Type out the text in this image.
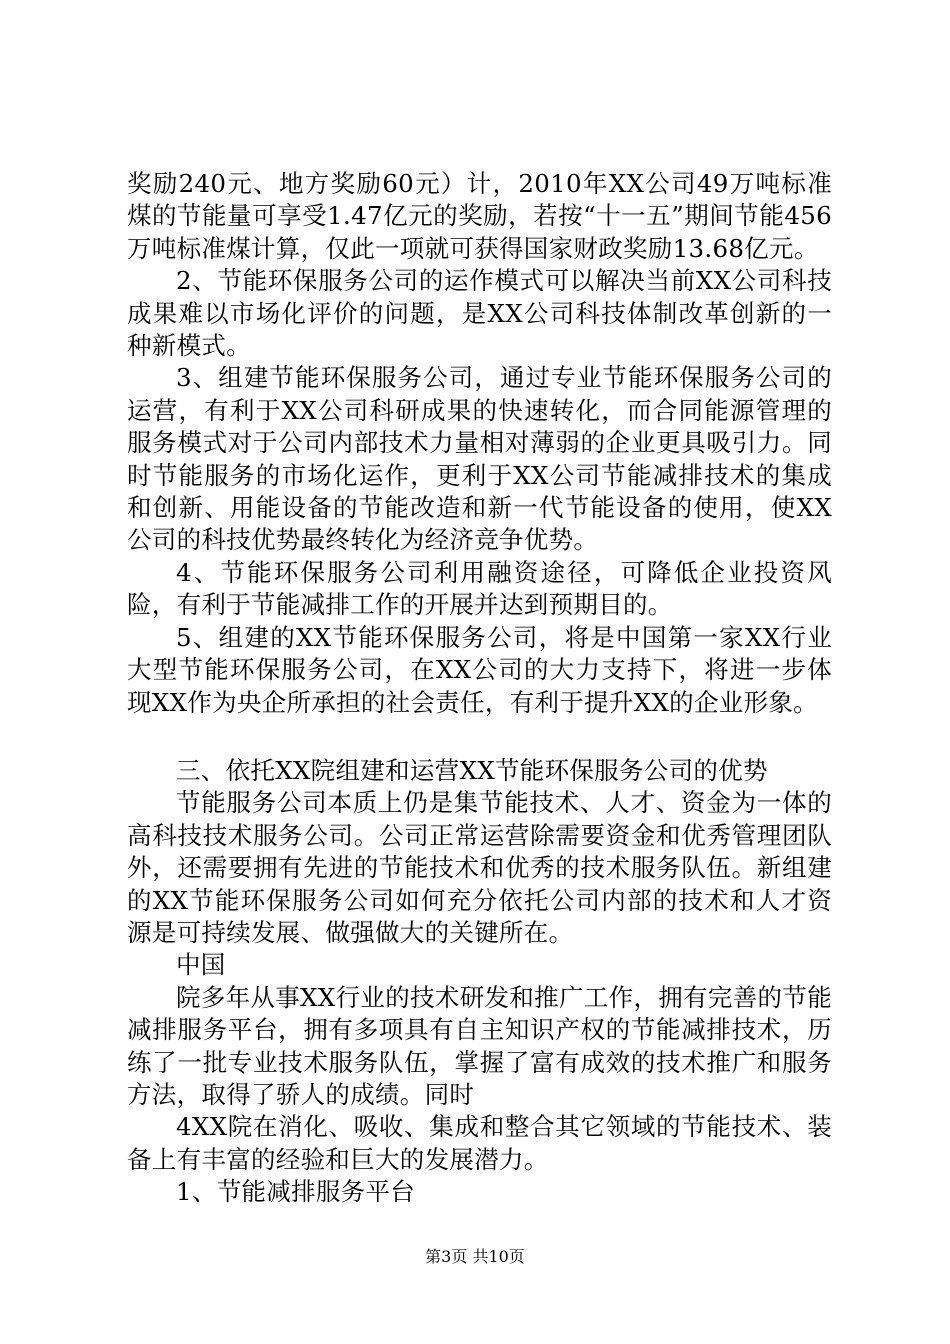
奖励240元、地方奖励60元）计，2010年XX公司49万吨标准煤的节能量可享受1.47亿元的奖励，若按“十一五”期间节能456万吨标准煤计算，仅此一项就可获得国家财政奖励13.68亿元。

2、节能环保服务公司的运作模式可以解决当前XX公司科技成果难以市场化评价的问题，是XX公司科技体制改革创新的一种新模式。

3、组建节能环保服务公司，通过专业节能环保服务公司的运营，有利于XX公司科研成果的快速转化，而合同能源管理的服务模式对于公司内部技术力量相对薄弱的企业更具吸引力。同时节能服务的市场化运作，更利于XX公司节能减排技术的集成和创新、用能设备的节能改造和新一代节能设备的使用，使XX公司的科技优势最终转化为经济竞争优势。

4、节能环保服务公司利用融资途径，可降低企业投资风险，有利于节能减排工作的开展并达到预期目的。

5、组建的XX节能环保服务公司，将是中国第一家XX行业大型节能环保服务公司，在XX公司的大力支持下，将进一步体现XX作为央企所承担的社会责任，有利于提升XX的企业形象。

三、依托XX院组建和运营XX节能环保服务公司的优势

节能服务公司本质上仍是集节能技术、人才、资金为一体的高科技技术服务公司。公司正常运营除需要资金和优秀管理团队外，还需要拥有先进的节能技术和优秀的技术服务队伍。新组建的XX节能环保服务公司如何充分依托公司内部的技术和人才资源是可持续发展、做强做大的关键所在。

中国

院多年从事XX行业的技术研发和推广工作，拥有完善的节能减排服务平台，拥有多项具有自主知识产权的节能减排技术，历练了一批专业技术服务队伍，掌握了富有成效的技术推广和服务方法，取得了骄人的成绩。同时

4XX院在消化、吸收、集成和整合其它领域的节能技术、装备上有丰富的经验和巨大的发展潜力。

1、节能减排服务平台

第3页 共10页
